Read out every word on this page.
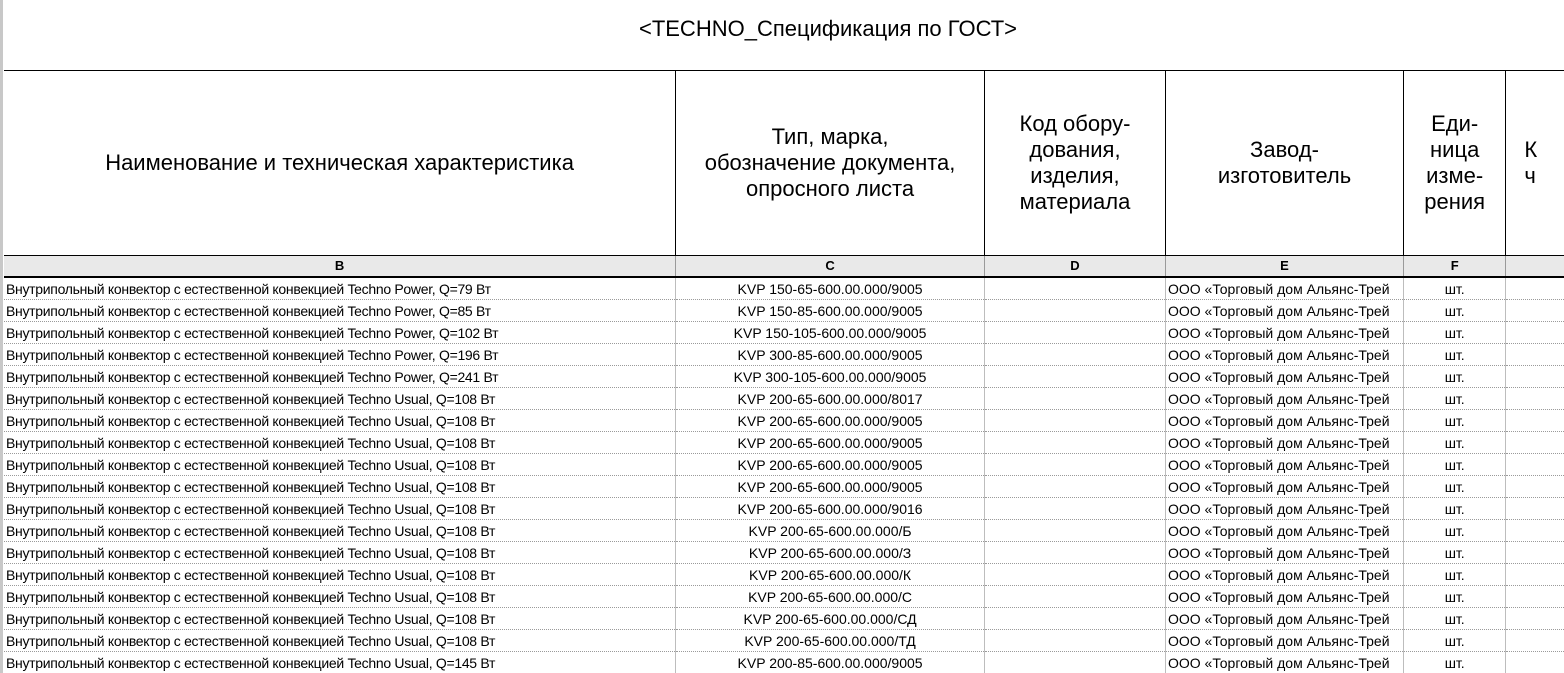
<TECHNO_Спецификация по ГОСТ>
Наименование и техническая характеристика	Тип, марка,
обозначение документа,
опросного листа	Код обору-
дования,
изделия,
материала	Завод-
изготовитель	Еди-
ница
изме-
рения	К
ч

B	C	D	E	F	
Внутрипольный конвектор с естественной конвекцией Techno Power, Q=79 Вт	KVP 150-65-600.00.000/9005		ООО «Торговый дом Альянс-Трей	шт.	
Внутрипольный конвектор с естественной конвекцией Techno Power, Q=85 Вт	KVP 150-85-600.00.000/9005		ООО «Торговый дом Альянс-Трей	шт.	
Внутрипольный конвектор с естественной конвекцией Techno Power, Q=102 Вт	KVP 150-105-600.00.000/9005		ООО «Торговый дом Альянс-Трей	шт.	
Внутрипольный конвектор с естественной конвекцией Techno Power, Q=196 Вт	KVP 300-85-600.00.000/9005		ООО «Торговый дом Альянс-Трей	шт.	
Внутрипольный конвектор с естественной конвекцией Techno Power, Q=241 Вт	KVP 300-105-600.00.000/9005		ООО «Торговый дом Альянс-Трей	шт.	
Внутрипольный конвектор с естественной конвекцией Techno Usual, Q=108 Вт	KVP 200-65-600.00.000/8017		ООО «Торговый дом Альянс-Трей	шт.	
Внутрипольный конвектор с естественной конвекцией Techno Usual, Q=108 Вт	KVP 200-65-600.00.000/9005		ООО «Торговый дом Альянс-Трей	шт.	
Внутрипольный конвектор с естественной конвекцией Techno Usual, Q=108 Вт	KVP 200-65-600.00.000/9005		ООО «Торговый дом Альянс-Трей	шт.	
Внутрипольный конвектор с естественной конвекцией Techno Usual, Q=108 Вт	KVP 200-65-600.00.000/9005		ООО «Торговый дом Альянс-Трей	шт.	
Внутрипольный конвектор с естественной конвекцией Techno Usual, Q=108 Вт	KVP 200-65-600.00.000/9005		ООО «Торговый дом Альянс-Трей	шт.	
Внутрипольный конвектор с естественной конвекцией Techno Usual, Q=108 Вт	KVP 200-65-600.00.000/9016		ООО «Торговый дом Альянс-Трей	шт.	
Внутрипольный конвектор с естественной конвекцией Techno Usual, Q=108 Вт	KVP 200-65-600.00.000/Б		ООО «Торговый дом Альянс-Трей	шт.	
Внутрипольный конвектор с естественной конвекцией Techno Usual, Q=108 Вт	KVP 200-65-600.00.000/З		ООО «Торговый дом Альянс-Трей	шт.	
Внутрипольный конвектор с естественной конвекцией Techno Usual, Q=108 Вт	KVP 200-65-600.00.000/К		ООО «Торговый дом Альянс-Трей	шт.	
Внутрипольный конвектор с естественной конвекцией Techno Usual, Q=108 Вт	KVP 200-65-600.00.000/С		ООО «Торговый дом Альянс-Трей	шт.	
Внутрипольный конвектор с естественной конвекцией Techno Usual, Q=108 Вт	KVP 200-65-600.00.000/СД		ООО «Торговый дом Альянс-Трей	шт.	
Внутрипольный конвектор с естественной конвекцией Techno Usual, Q=108 Вт	KVP 200-65-600.00.000/ТД		ООО «Торговый дом Альянс-Трей	шт.	
Внутрипольный конвектор с естественной конвекцией Techno Usual, Q=145 Вт	KVP 200-85-600.00.000/9005		ООО «Торговый дом Альянс-Трей	шт.	
